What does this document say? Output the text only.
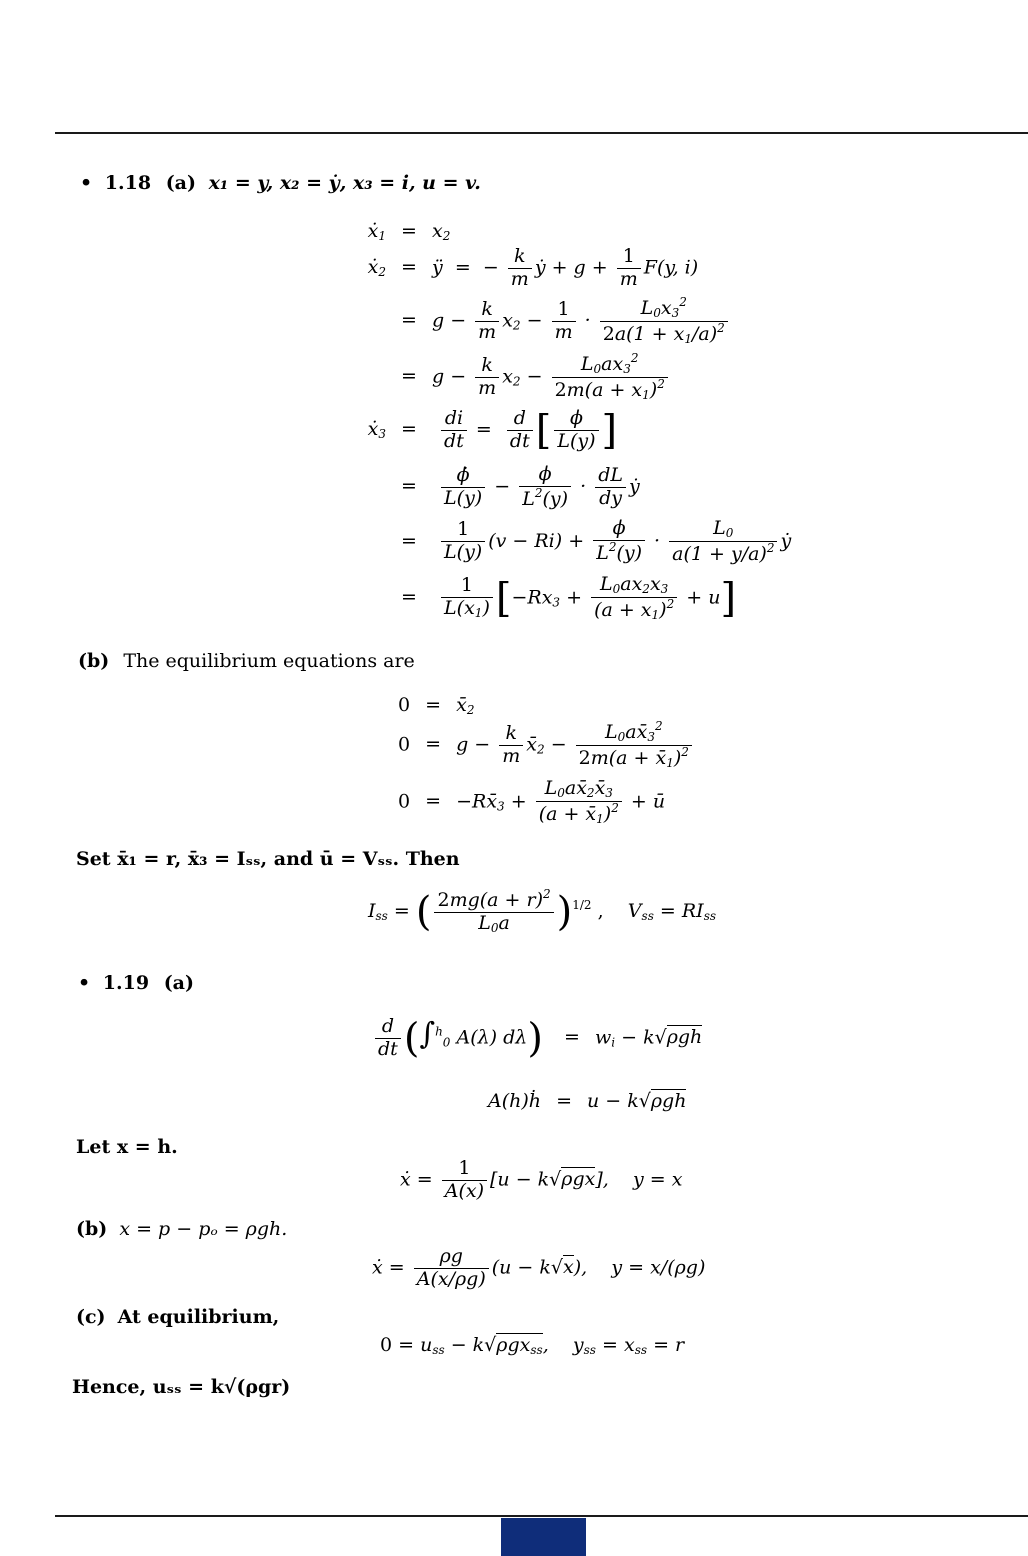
• 1.18 (a) x₁ = y, x₂ = ẏ, x₃ = i, u = v.
ẋ$_1$ = $x_2$
ẋ$_2$ = ÿ  =  − $\frac{k}{m}$ ẏ + $g + \frac{1}{m} F(y$, i)
= $g - \frac{k}{m} x_2 - \frac{1}{m} \cdot \frac{L_0x_3^2}{2a(1 + x_1/a)^2}$
= $g - \frac{k}{m} x_2 - \frac{L_0ax_3^2}{2m(a + x_1)^2}$
ẋ$_3$ = $\frac{di}{dt} = \frac{d}{dt}$ [ $\frac{\phi}{L(y)}$ ]
= $\frac{\phi̇}{L(y)} - \frac{\phi}{L^2(y)} \cdot \frac{dL}{dy}$ ẏ
= $\frac{1}{L(y)} (v - Ri) + \frac{\phi}{L^2(y)} \cdot \frac{L_0}{a(1 + y/a)^2}$ ẏ
= $\frac{1}{L(x_1)} [-Rx_3 + \frac{L_0ax_2x_3}{(a + x_1)^2} + u]$
(b) The equilibrium equations are
$0 = x̄_2$
$0 = g - \frac{k}{m}$ $x̄_2 - \frac{L_0ax̄_3^2}{2m(a + x̄_1)^2}$
$0 = -Rx̄_3 + \frac{L_0ax̄_2x̄_3}{(a + x̄_1)^2}$ + ū
Set x̄₁ = r, x̄₃ = Iₛₛ, and ū = Vₛₛ. Then
$I_{ss}$ = ( $\frac{2mg(a + r)^2}{L_0a} )^{1/2}$ ,    $V_{ss} = RI_{ss}$
• 1.19 (a)
$\frac{d}{dt} (\int^h_0$ A(λ) $d\lambda) = w_i - k√\rho gh$
A(h)ḣ = u − k√ρgh
Let x = h.
ẋ = $\frac{1}{A(x)} [u - k√\rho gx]$,    y = x
(b) x = p − pₒ = ρgh.
ẋ = $\frac{\rho g}{A(x/\rho g)} (u - k√x)$,    y = x/(ρg)
(c) At equilibrium,
$0 = u_{ss} - k√\rho gx_{ss}$,    $y_{ss} = x_{ss} = r$
Hence, uₛₛ = k√(ρgr)
